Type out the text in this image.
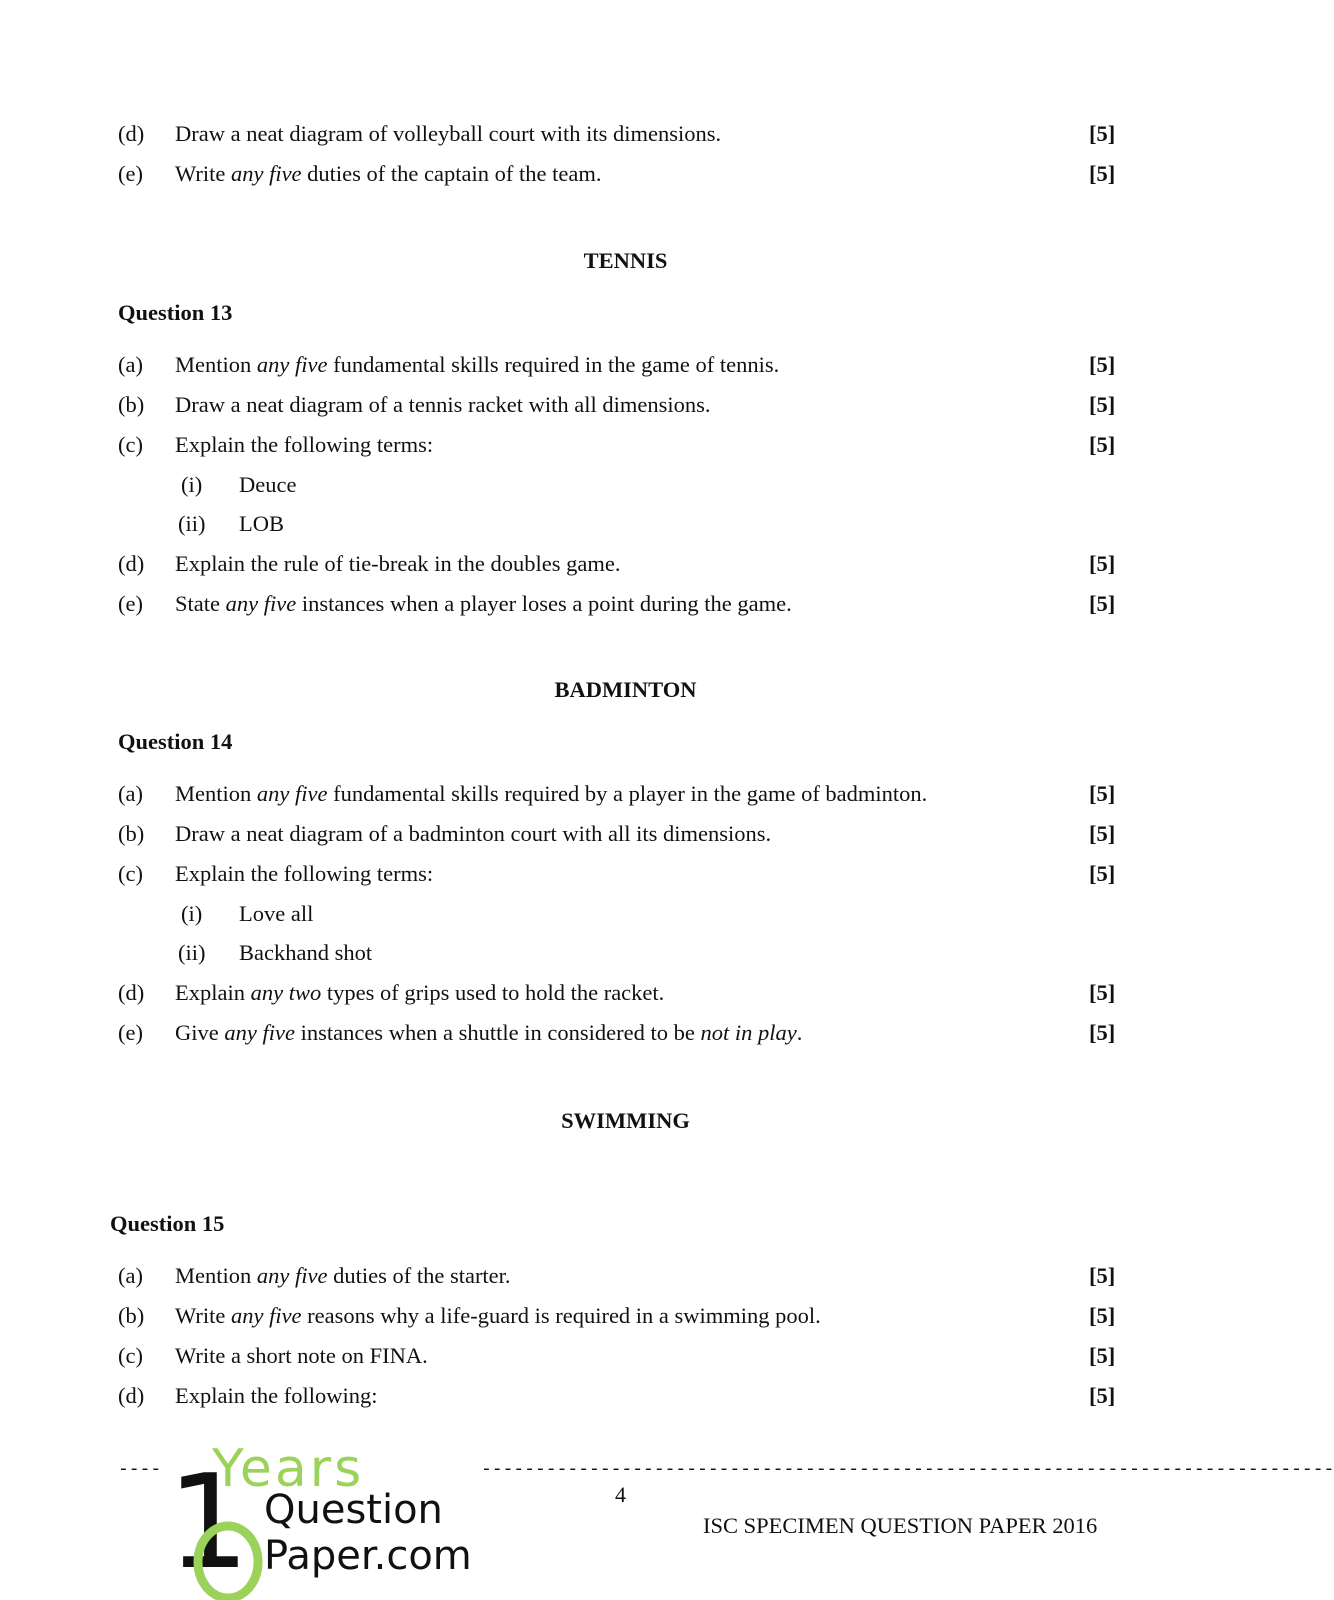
(d) Draw a neat diagram of volleyball court with its dimensions.	[5]
(e) Write any five duties of the captain of the team.	[5]
TENNIS
Question 13
(a) Mention any five fundamental skills required in the game of tennis.	[5]
(b) Draw a neat diagram of a tennis racket with all dimensions.	[5]
(c) Explain the following terms:	[5]
(i) Deuce
(ii) LOB
(d) Explain the rule of tie-break in the doubles game.	[5]
(e) State any five instances when a player loses a point during the game.	[5]
BADMINTON
Question 14
(a) Mention any five fundamental skills required by a player in the game of badminton.	[5]
(b) Draw a neat diagram of a badminton court with all its dimensions.	[5]
(c) Explain the following terms:	[5]
(i) Love all
(ii) Backhand shot
(d) Explain any two types of grips used to hold the racket.	[5]
(e) Give any five instances when a shuttle in considered to be not in play.	[5]
SWIMMING
Question 15
(a) Mention any five duties of the starter.	[5]
(b) Write any five reasons why a life-guard is required in a swimming pool.	[5]
(c) Write a short note on FINA.	[5]
(d) Explain the following:	[5]
----	-------------------------------------------------------------------------------
4
ISC SPECIMEN QUESTION PAPER 2016
1
Years
Question
Paper.com
